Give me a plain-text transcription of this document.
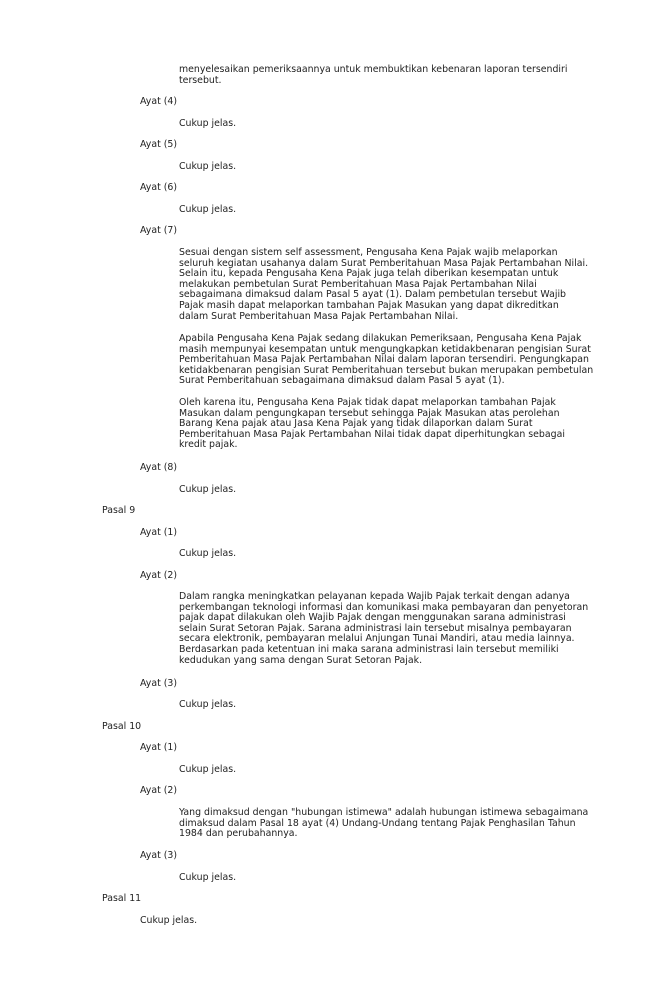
menyelesaikan pemeriksaannya untuk membuktikan kebenaran laporan tersendiri
tersebut.
Ayat (4)
Cukup jelas.
Ayat (5)
Cukup jelas.
Ayat (6)
Cukup jelas.
Ayat (7)
Sesuai dengan sistem self assessment, Pengusaha Kena Pajak wajib melaporkan
seluruh kegiatan usahanya dalam Surat Pemberitahuan Masa Pajak Pertambahan Nilai.
Selain itu, kepada Pengusaha Kena Pajak juga telah diberikan kesempatan untuk
melakukan pembetulan Surat Pemberitahuan Masa Pajak Pertambahan Nilai
sebagaimana dimaksud dalam Pasal 5 ayat (1). Dalam pembetulan tersebut Wajib
Pajak masih dapat melaporkan tambahan Pajak Masukan yang dapat dikreditkan
dalam Surat Pemberitahuan Masa Pajak Pertambahan Nilai.
Apabila Pengusaha Kena Pajak sedang dilakukan Pemeriksaan, Pengusaha Kena Pajak
masih mempunyai kesempatan untuk mengungkapkan ketidakbenaran pengisian Surat
Pemberitahuan Masa Pajak Pertambahan Nilai dalam laporan tersendiri. Pengungkapan
ketidakbenaran pengisian Surat Pemberitahuan tersebut bukan merupakan pembetulan
Surat Pemberitahuan sebagaimana dimaksud dalam Pasal 5 ayat (1).
Oleh karena itu, Pengusaha Kena Pajak tidak dapat melaporkan tambahan Pajak
Masukan dalam pengungkapan tersebut sehingga Pajak Masukan atas perolehan
Barang Kena pajak atau Jasa Kena Pajak yang tidak dilaporkan dalam Surat
Pemberitahuan Masa Pajak Pertambahan Nilai tidak dapat diperhitungkan sebagai
kredit pajak.
Ayat (8)
Cukup jelas.
Pasal 9
Ayat (1)
Cukup jelas.
Ayat (2)
Dalam rangka meningkatkan pelayanan kepada Wajib Pajak terkait dengan adanya
perkembangan teknologi informasi dan komunikasi maka pembayaran dan penyetoran
pajak dapat dilakukan oleh Wajib Pajak dengan menggunakan sarana administrasi
selain Surat Setoran Pajak. Sarana administrasi lain tersebut misalnya pembayaran
secara elektronik, pembayaran melalui Anjungan Tunai Mandiri, atau media lainnya.
Berdasarkan pada ketentuan ini maka sarana administrasi lain tersebut memiliki
kedudukan yang sama dengan Surat Setoran Pajak.
Ayat (3)
Cukup jelas.
Pasal 10
Ayat (1)
Cukup jelas.
Ayat (2)
Yang dimaksud dengan "hubungan istimewa" adalah hubungan istimewa sebagaimana
dimaksud dalam Pasal 18 ayat (4) Undang-Undang tentang Pajak Penghasilan Tahun
1984 dan perubahannya.
Ayat (3)
Cukup jelas.
Pasal 11
Cukup jelas.
